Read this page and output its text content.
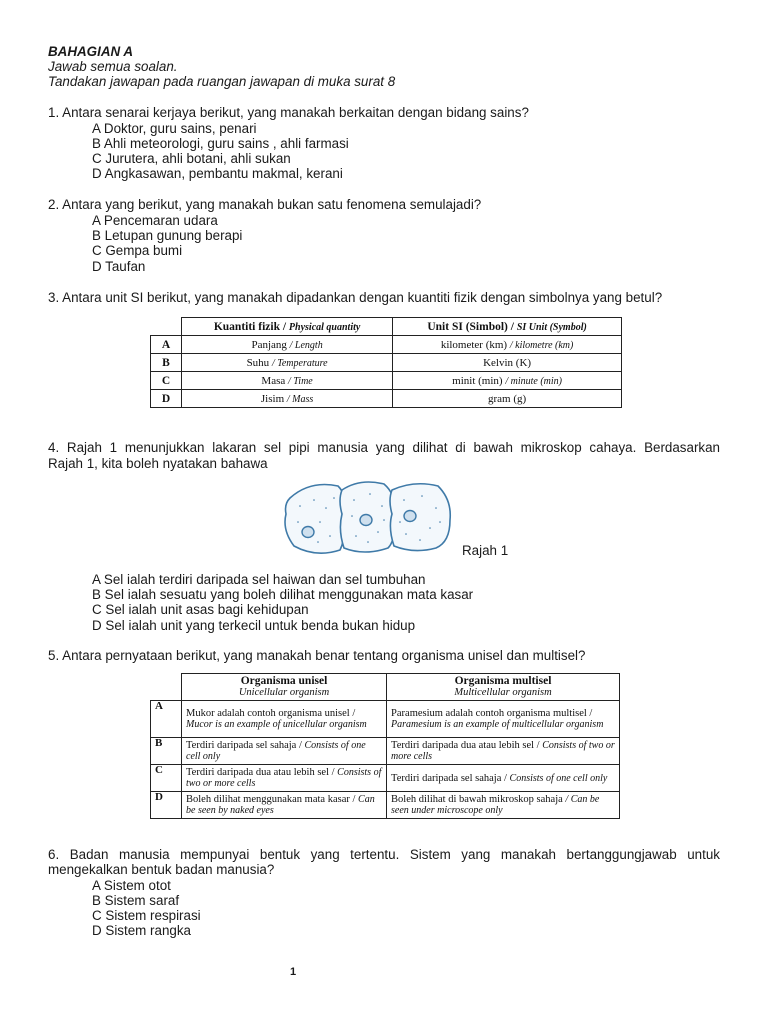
BAHAGIAN A
Jawab semua soalan.
Tandakan jawapan pada ruangan jawapan di muka surat 8
1. Antara senarai kerjaya berikut, yang manakah berkaitan dengan bidang sains?
A Doktor, guru sains, penari
B Ahli meteorologi, guru sains , ahli farmasi
C Jurutera, ahli botani, ahli sukan
D Angkasawan, pembantu makmal, kerani
2. Antara yang berikut, yang manakah bukan satu fenomena semulajadi?
A Pencemaran udara
B Letupan gunung berapi
C Gempa bumi
D Taufan
3. Antara unit SI berikut, yang manakah dipadankan dengan kuantiti fizik dengan simbolnya yang betul?
	Kuantiti fizik / Physical quantity	Unit SI (Simbol) / SI Unit (Symbol)
A	Panjang / Length	kilometer (km) / kilometre (km)
B	Suhu / Temperature	Kelvin (K)
C	Masa / Time	minit (min) / minute (min)
D	Jisim / Mass	gram (g)
4. Rajah 1 menunjukkan lakaran sel pipi manusia yang dilihat di bawah mikroskop cahaya. Berdasarkan
Rajah 1, kita boleh nyatakan bahawa
Rajah 1
A Sel ialah terdiri daripada sel haiwan dan sel tumbuhan
B Sel ialah sesuatu yang boleh dilihat menggunakan mata kasar
C Sel ialah unit asas bagi kehidupan
D Sel ialah unit yang terkecil untuk benda bukan hidup
5. Antara pernyataan berikut, yang manakah benar tentang organisma unisel dan multisel?
	Organisma unisel
Unicellular organism	Organisma multisel
Multicellular organism

A	Mukor adalah contoh organisma unisel / Mucor is an example of unicellular organism	Paramesium adalah contoh organisma multisel / Paramesium is an example of multicellular organism
B	Terdiri daripada sel sahaja / Consists of one cell only	Terdiri daripada dua atau lebih sel / Consists of two or more cells
C	Terdiri daripada dua atau lebih sel / Consists of two or more cells	Terdiri daripada sel sahaja / Consists of one cell only
D	Boleh dilihat menggunakan mata kasar / Can be seen by naked eyes	Boleh dilihat di bawah mikroskop sahaja / Can be seen under microscope only
6. Badan manusia mempunyai bentuk yang tertentu. Sistem yang manakah bertanggungjawab untuk
mengekalkan bentuk badan manusia?
A Sistem otot
B Sistem saraf
C Sistem respirasi
D Sistem rangka
1
